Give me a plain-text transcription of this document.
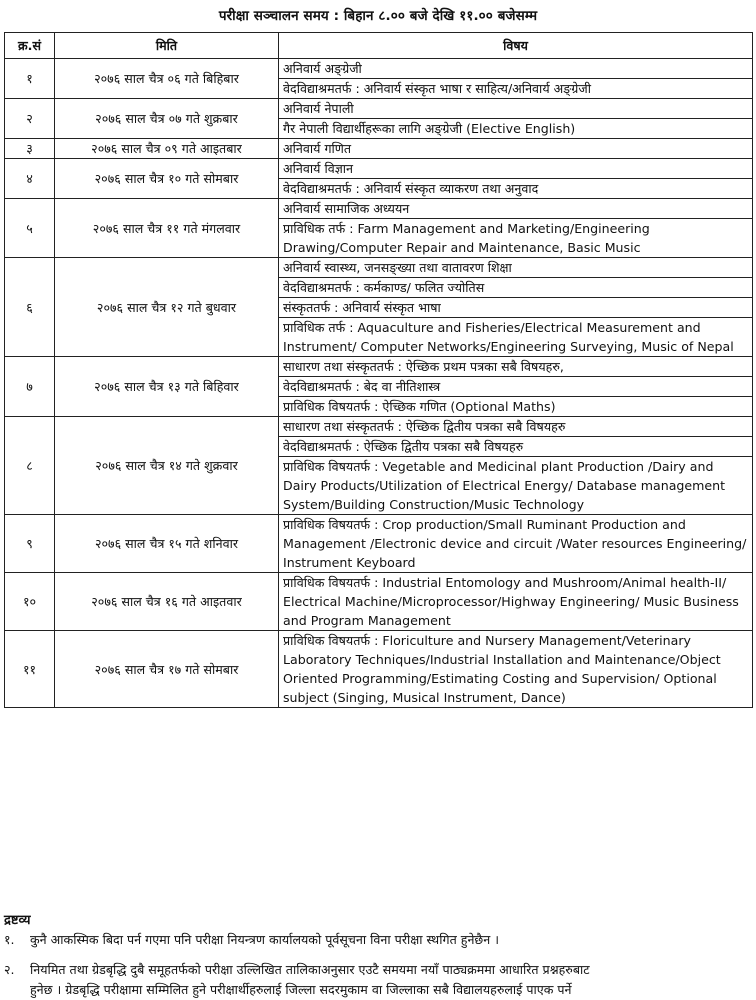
परीक्षा सञ्चालन समय : बिहान ८.०० बजे देखि ११.०० बजेसम्म
क्र.सं	मिति	विषय
१	२०७६ साल चैत्र ०६ गते बिहिबार	अनिवार्य अङ्ग्रेजी
		वेदविद्याश्रमतर्फ : अनिवार्य संस्कृत भाषा र साहित्य/अनिवार्य अङ्ग्रेजी
२	२०७६ साल चैत्र ०७ गते शुक्रबार	अनिवार्य नेपाली
		गैर नेपाली विद्यार्थीहरूका लागि अङ्ग्रेजी (Elective English)
३	२०७६ साल चैत्र ०९ गते आइतबार	अनिवार्य गणित
४	२०७६ साल चैत्र १० गते सोमबार	अनिवार्य विज्ञान
		वेदविद्याश्रमतर्फ : अनिवार्य संस्कृत व्याकरण तथा अनुवाद
५	२०७६ साल चैत्र ११ गते मंगलवार	अनिवार्य सामाजिक अध्ययन
		प्राविधिक तर्फ : Farm Management and Marketing/Engineering Drawing/Computer Repair and Maintenance, Basic Music
६	२०७६ साल चैत्र १२ गते बुधवार	अनिवार्य स्वास्थ्य, जनसङ्ख्या तथा वातावरण शिक्षा
		वेदविद्याश्रमतर्फ : कर्मकाण्ड/ फलित ज्योतिस
		संस्कृततर्फ : अनिवार्य संस्कृत भाषा
		प्राविधिक तर्फ : Aquaculture and Fisheries/Electrical Measurement and Instrument/ Computer Networks/Engineering Surveying, Music of Nepal
७	२०७६ साल चैत्र १३ गते बिहिवार	साधारण तथा संस्कृततर्फ : ऐच्छिक प्रथम पत्रका सबै विषयहरु,
		वेदविद्याश्रमतर्फ : बेद वा नीतिशास्त्र
		प्राविधिक विषयतर्फ : ऐच्छिक गणित (Optional Maths)
८	२०७६ साल चैत्र १४ गते शुक्रवार	साधारण तथा संस्कृततर्फ : ऐच्छिक द्वितीय पत्रका सबै विषयहरु
		वेदविद्याश्रमतर्फ : ऐच्छिक द्वितीय पत्रका सबै विषयहरु
		प्राविधिक विषयतर्फ : Vegetable and Medicinal plant Production /Dairy and Dairy Products/Utilization of Electrical Energy/ Database management System/Building Construction/Music Technology
९	२०७६ साल चैत्र १५ गते शनिवार	प्राविधिक विषयतर्फ : Crop production/Small Ruminant Production and Management /Electronic device and circuit /Water resources Engineering/ Instrument Keyboard
१०	२०७६ साल चैत्र १६ गते आइतवार	प्राविधिक विषयतर्फ : Industrial Entomology and Mushroom/Animal health-II/ Electrical Machine/Microprocessor/Highway Engineering/ Music Business and Program Management
११	२०७६ साल चैत्र १७ गते सोमबार	प्राविधिक विषयतर्फ : Floriculture and Nursery Management/Veterinary Laboratory Techniques/Industrial Installation and Maintenance/Object Oriented Programming/Estimating Costing and Supervision/ Optional subject (Singing, Musical Instrument, Dance)
द्रष्टव्य
१.	कुनै आकस्मिक बिदा पर्न गएमा पनि परीक्षा नियन्त्रण कार्यालयको पूर्वसूचना विना परीक्षा स्थगित हुनेछैन ।
२.	नियमित तथा ग्रेडबृद्धि दुबै समूहतर्फको परीक्षा उल्लिखित तालिकाअनुसार एउटै समयमा नयाँ पाठ्यक्रममा आधारित प्रश्नहरुबाट
हुनेछ । ग्रेडबृद्धि परीक्षामा सम्मिलित हुने परीक्षार्थीहरुलाई जिल्ला सदरमुकाम वा जिल्लाका सबै विद्यालयहरुलाई पाएक पर्ने
